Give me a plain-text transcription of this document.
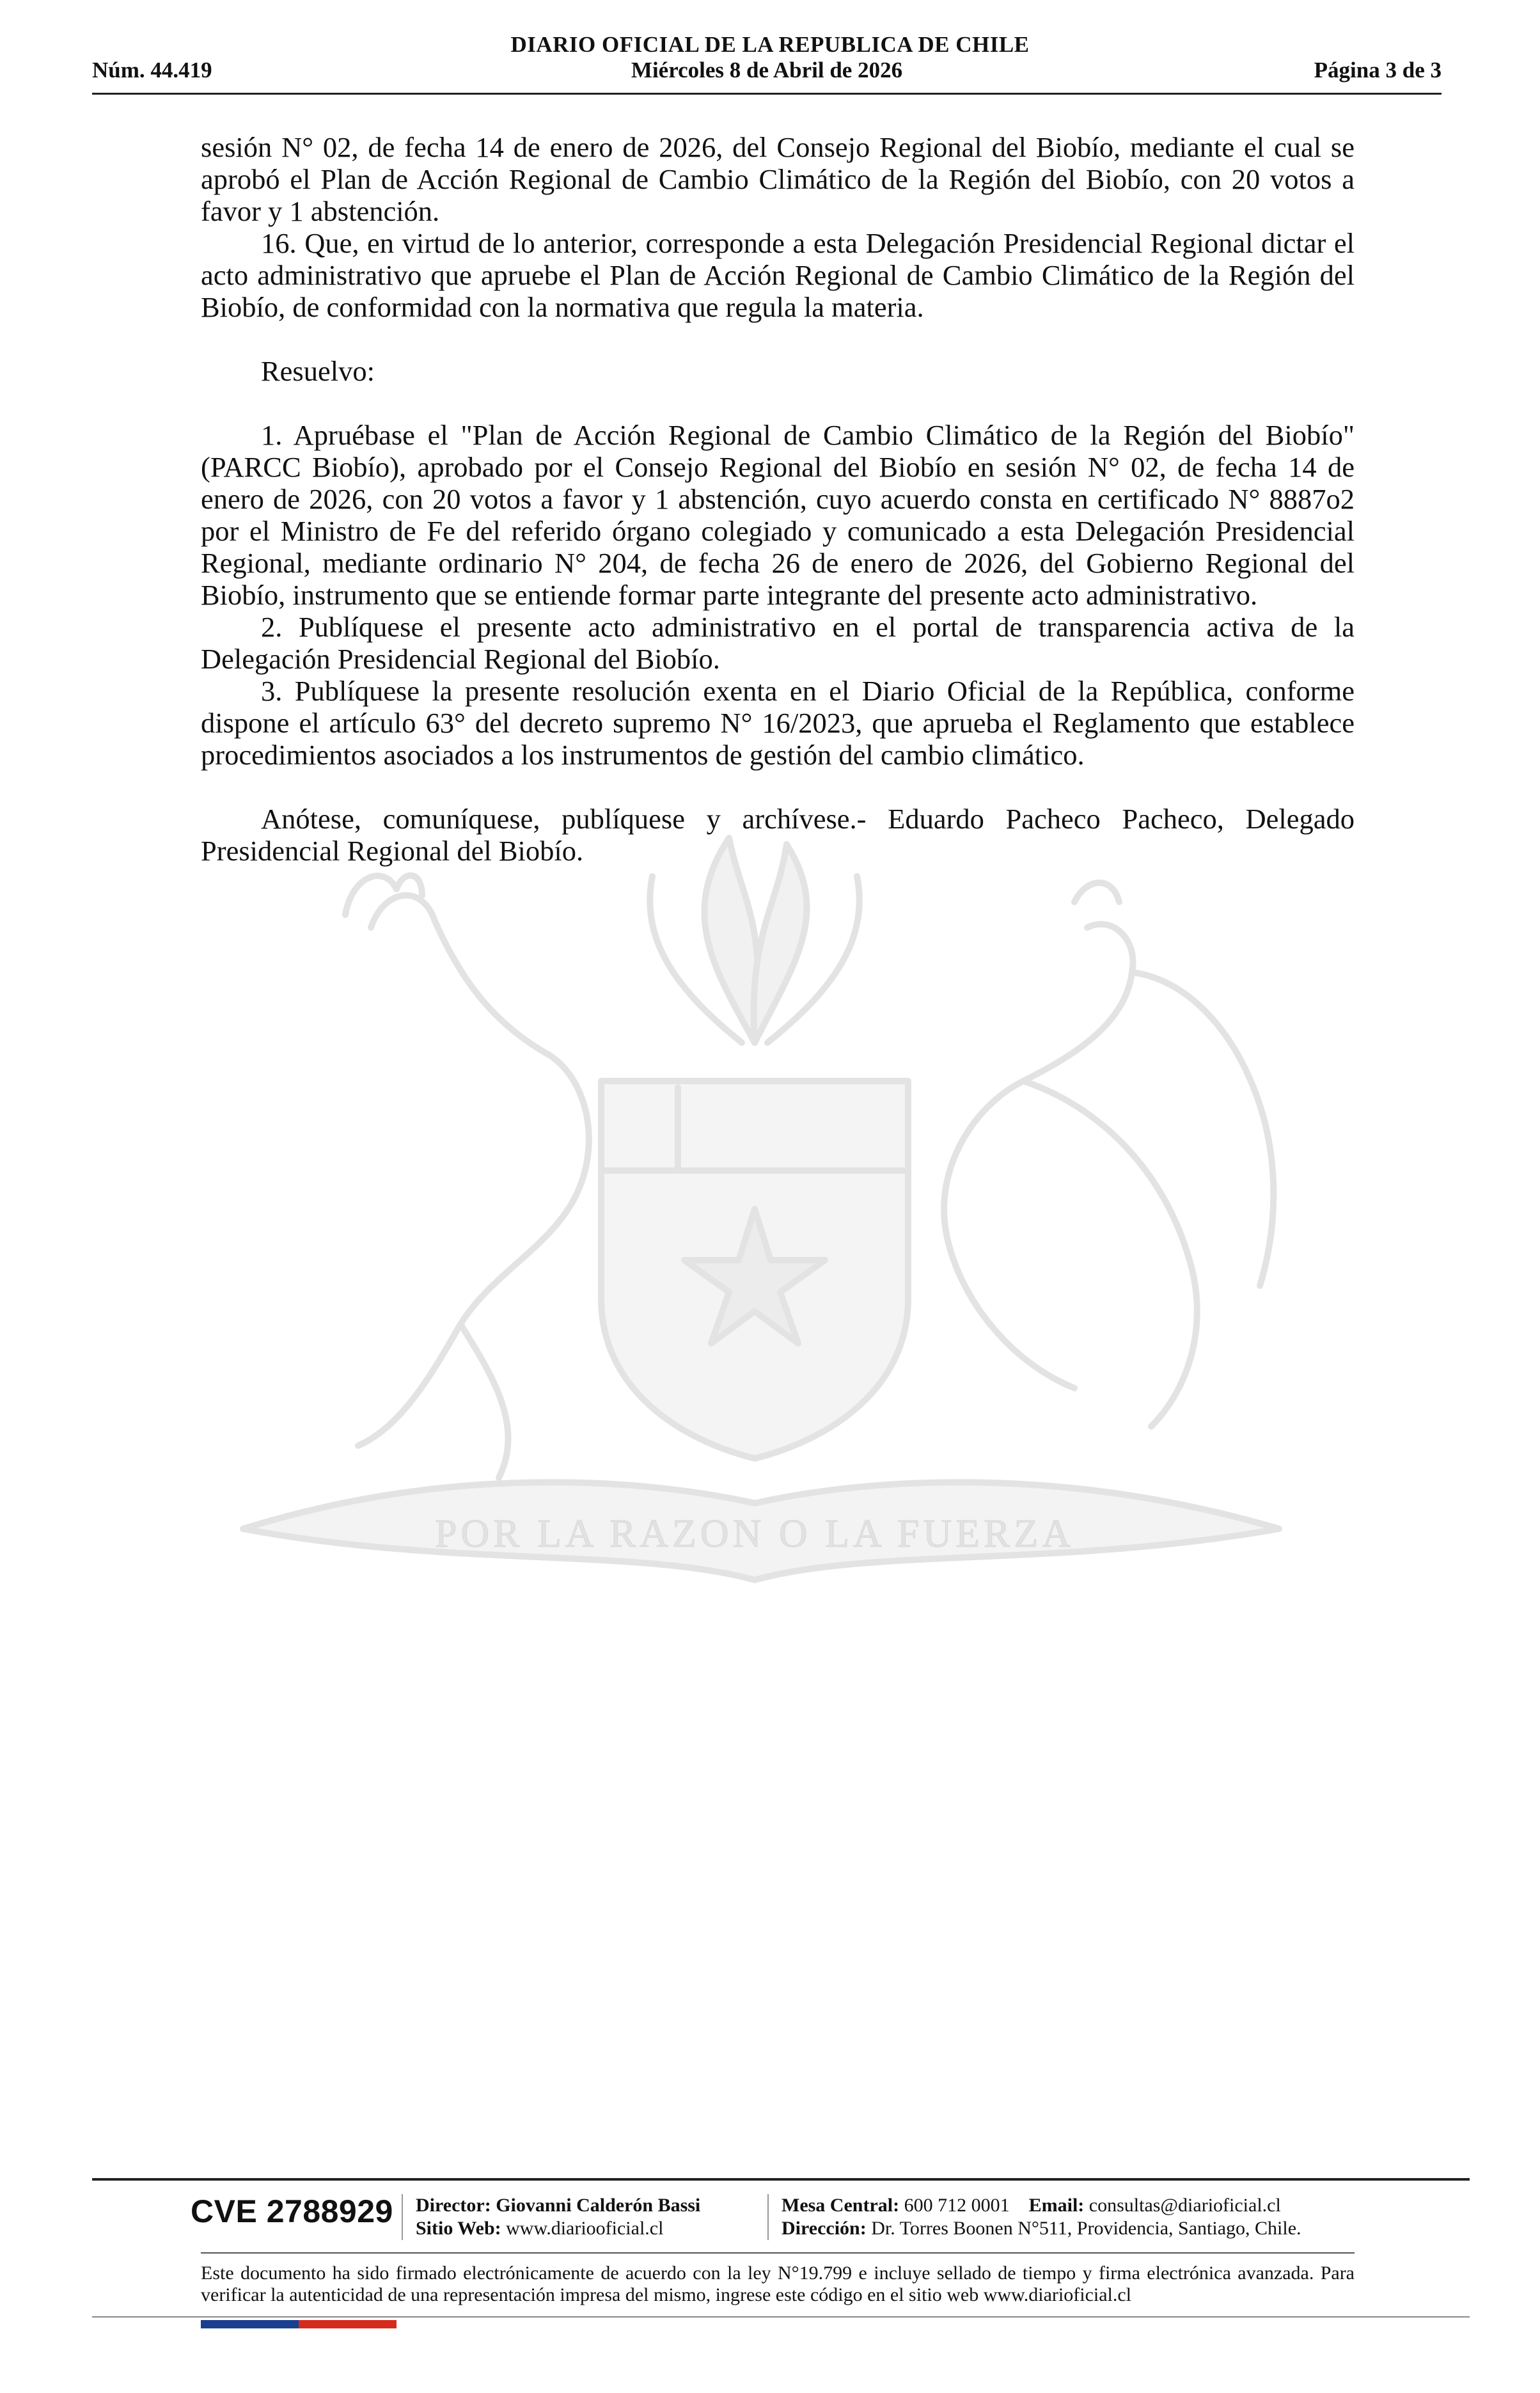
DIARIO OFICIAL DE LA REPUBLICA DE CHILE
Núm. 44.419	Miércoles 8 de Abril de 2026	Página 3 de 3
POR LA RAZON O LA FUERZA

sesión N° 02, de fecha 14 de enero de 2026, del Consejo Regional del Biobío, mediante el cual se aprobó el Plan de Acción Regional de Cambio Climático de la Región del Biobío, con 20 votos a favor y 1 abstención.

16. Que, en virtud de lo anterior, corresponde a esta Delegación Presidencial Regional dictar el acto administrativo que apruebe el Plan de Acción Regional de Cambio Climático de la Región del Biobío, de conformidad con la normativa que regula la materia.

Resuelvo:

1. Apruébase el "Plan de Acción Regional de Cambio Climático de la Región del Biobío" (PARCC Biobío), aprobado por el Consejo Regional del Biobío en sesión N° 02, de fecha 14 de enero de 2026, con 20 votos a favor y 1 abstención, cuyo acuerdo consta en certificado N° 8887o2 por el Ministro de Fe del referido órgano colegiado y comunicado a esta Delegación Presidencial Regional, mediante ordinario N° 204, de fecha 26 de enero de 2026, del Gobierno Regional del Biobío, instrumento que se entiende formar parte integrante del presente acto administrativo.

2. Publíquese el presente acto administrativo en el portal de transparencia activa de la Delegación Presidencial Regional del Biobío.

3. Publíquese la presente resolución exenta en el Diario Oficial de la República, conforme dispone el artículo 63° del decreto supremo N° 16/2023, que aprueba el Reglamento que establece procedimientos asociados a los instrumentos de gestión del cambio climático.

Anótese, comuníquese, publíquese y archívese.- Eduardo Pacheco Pacheco, Delegado Presidencial Regional del Biobío.

CVE 2788929 Director: Giovanni Calderón Bassi
Sitio Web: www.diariooficial.cl
Mesa Central: 600 712 0001 Email: consultas@diarioficial.cl
Dirección: Dr. Torres Boonen N°511, Providencia, Santiago, Chile.
Este documento ha sido firmado electrónicamente de acuerdo con la ley N°19.799 e incluye sellado de tiempo y firma electrónica avanzada. Para verificar la autenticidad de una representación impresa del mismo, ingrese este código en el sitio web www.diarioficial.cl
